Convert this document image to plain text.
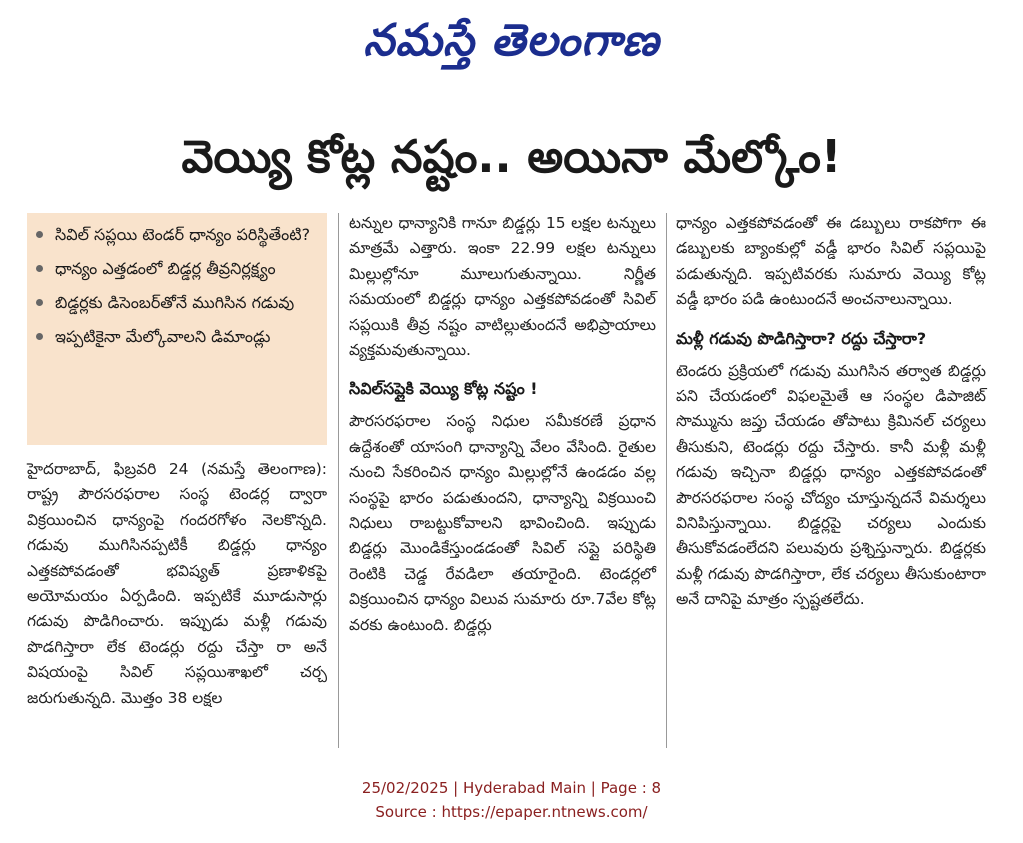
నమస్తే తెలంగాణ
వెయ్యి కోట్ల నష్టం.. అయినా మేల్కోం!
సివిల్ సప్లయి టెండర్ ధాన్యం పరిస్థితేంటి?
ధాన్యం ఎత్తడంలో బిడ్డర్ల తీవ్రనిర్లక్ష్యం
బిడ్డర్లకు డిసెంబర్‌తోనే ముగిసిన గడువు
ఇప్పటికైనా మేల్కోవాలని డిమాండ్లు

హైదరాబాద్, ఫిబ్రవరి 24 (నమస్తే తెలంగాణ): రాష్ట్ర పౌరసరఫరాల సంస్థ టెండర్ల ద్వారా విక్రయించిన ధాన్యంపై గందరగోళం నెలకొన్నది. గడువు ముగిసినప్పటికీ బిడ్డర్లు ధాన్యం ఎత్తకపోవడంతో భవిష్యత్ ప్రణాళికపై అయోమయం ఏర్పడింది. ఇప్పటికే మూడుసార్లు గడువు పొడిగించారు. ఇప్పుడు మళ్లీ గడువు పొడగిస్తారా లేక టెండర్లు రద్దు చేస్తా రా అనే విషయంపై సివిల్ సప్లయిశాఖలో చర్చ జరుగుతున్నది. మొత్తం 38 లక్షల

టన్నుల ధాన్యానికి గానూ బిడ్డర్లు 15 లక్షల టన్నులు మాత్రమే ఎత్తారు. ఇంకా 22.99 లక్షల టన్నులు మిల్లుల్లోనూ మూలుగుతున్నాయి. నిర్ణీత సమయంలో బిడ్డర్లు ధాన్యం ఎత్తకపోవడంతో సివిల్ సప్లయికి తీవ్ర నష్టం వాటిల్లుతుందనే అభిప్రాయాలు వ్యక్తమవుతున్నాయి.

సివిల్‌సప్లైకి వెయ్యి కోట్ల నష్టం !

పౌరసరఫరాల సంస్థ నిధుల సమీకరణే ప్రధాన ఉద్దేశంతో యాసంగి ధాన్యాన్ని వేలం వేసింది. రైతుల నుంచి సేకరించిన ధాన్యం మిల్లుల్లోనే ఉండడం వల్ల సంస్థపై భారం పడుతుందని, ధాన్యాన్ని విక్రయించి నిధులు రాబట్టుకోవాలని భావించింది. ఇప్పుడు బిడ్డర్లు మొండికేస్తుండడంతో సివిల్ సప్లై పరిస్థితి రెంటికి చెడ్డ రేవడిలా తయారైంది. టెండర్లలో విక్రయించిన ధాన్యం విలువ సుమారు రూ.7వేల కోట్ల వరకు ఉంటుంది. బిడ్డర్లు

ధాన్యం ఎత్తకపోవడంతో ఈ డబ్బులు రాకపోగా ఈ డబ్బులకు బ్యాంకుల్లో వడ్డీ భారం సివిల్ సప్లయిపై పడుతున్నది. ఇప్పటివరకు సుమారు వెయ్యి కోట్ల వడ్డీ భారం పడి ఉంటుందనే అంచనాలున్నాయి.

మళ్లీ గడువు పొడిగిస్తారా? రద్దు చేస్తారా?

టెండరు ప్రక్రియలో గడువు ముగిసిన తర్వాత బిడ్డర్లు పని చేయడంలో విఫలమైతే ఆ సంస్థల డిపాజిట్ సొమ్మును జప్తు చేయడం తోపాటు క్రిమినల్ చర్యలు తీసుకుని, టెండర్లు రద్దు చేస్తారు. కానీ మళ్లీ మళ్లీ గడువు ఇచ్చినా బిడ్డర్లు ధాన్యం ఎత్తకపోవడంతో పౌరసరఫరాల సంస్థ చోద్యం చూస్తున్నదనే విమర్శలు వినిపిస్తున్నాయి. బిడ్డర్లపై చర్యలు ఎందుకు తీసుకోవడంలేదని పలువురు ప్రశ్నిస్తున్నారు. బిడ్డర్లకు మళ్లీ గడువు పొడగిస్తారా, లేక చర్యలు తీసుకుంటారా అనే దానిపై మాత్రం స్పష్టతలేదు.

25/02/2025 | Hyderabad Main | Page : 8
Source : https://epaper.ntnews.com/
